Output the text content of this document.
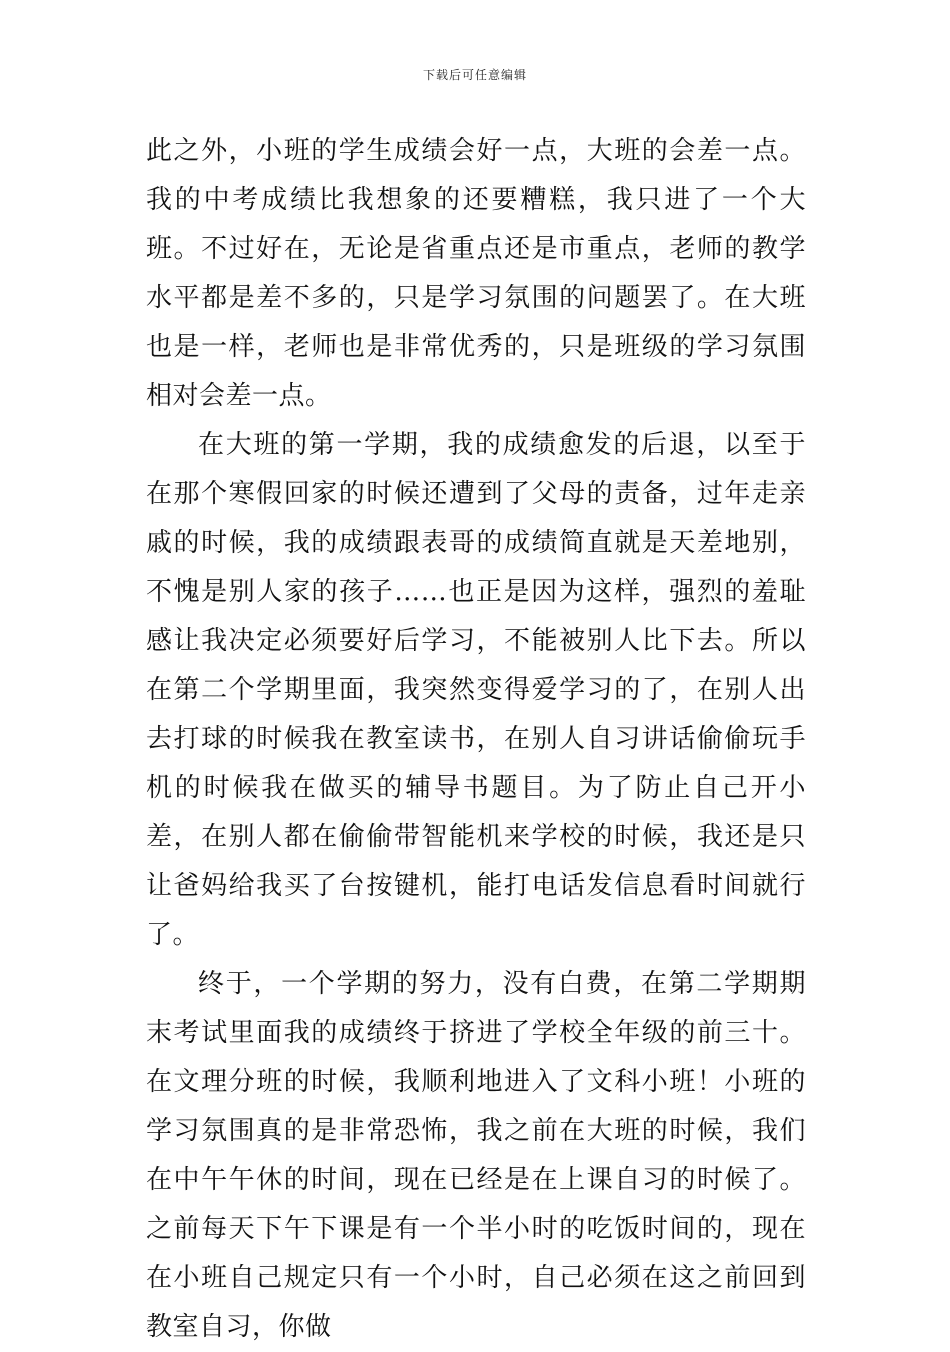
下载后可任意编辑

此之外，小班的学生成绩会好一点，大班的会差一点。我的中考成绩比我想象的还要糟糕，我只进了一个大班。不过好在，无论是省重点还是市重点，老师的教学水平都是差不多的，只是学习氛围的问题罢了。在大班也是一样，老师也是非常优秀的，只是班级的学习氛围相对会差一点。

在大班的第一学期，我的成绩愈发的后退，以至于在那个寒假回家的时候还遭到了父母的责备，过年走亲戚的时候，我的成绩跟表哥的成绩简直就是天差地别，不愧是别人家的孩子……也正是因为这样，强烈的羞耻感让我决定必须要好后学习，不能被别人比下去。所以在第二个学期里面，我突然变得爱学习的了，在别人出去打球的时候我在教室读书，在别人自习讲话偷偷玩手机的时候我在做买的辅导书题目。为了防止自己开小差，在别人都在偷偷带智能机来学校的时候，我还是只让爸妈给我买了台按键机，能打电话发信息看时间就行了。

终于，一个学期的努力，没有白费，在第二学期期末考试里面我的成绩终于挤进了学校全年级的前三十。在文理分班的时候，我顺利地进入了文科小班！小班的学习氛围真的是非常恐怖，我之前在大班的时候，我们在中午午休的时间，现在已经是在上课自习的时候了。之前每天下午下课是有一个半小时的吃饭时间的，现在在小班自己规定只有一个小时，自己必须在这之前回到教室自习，你做
